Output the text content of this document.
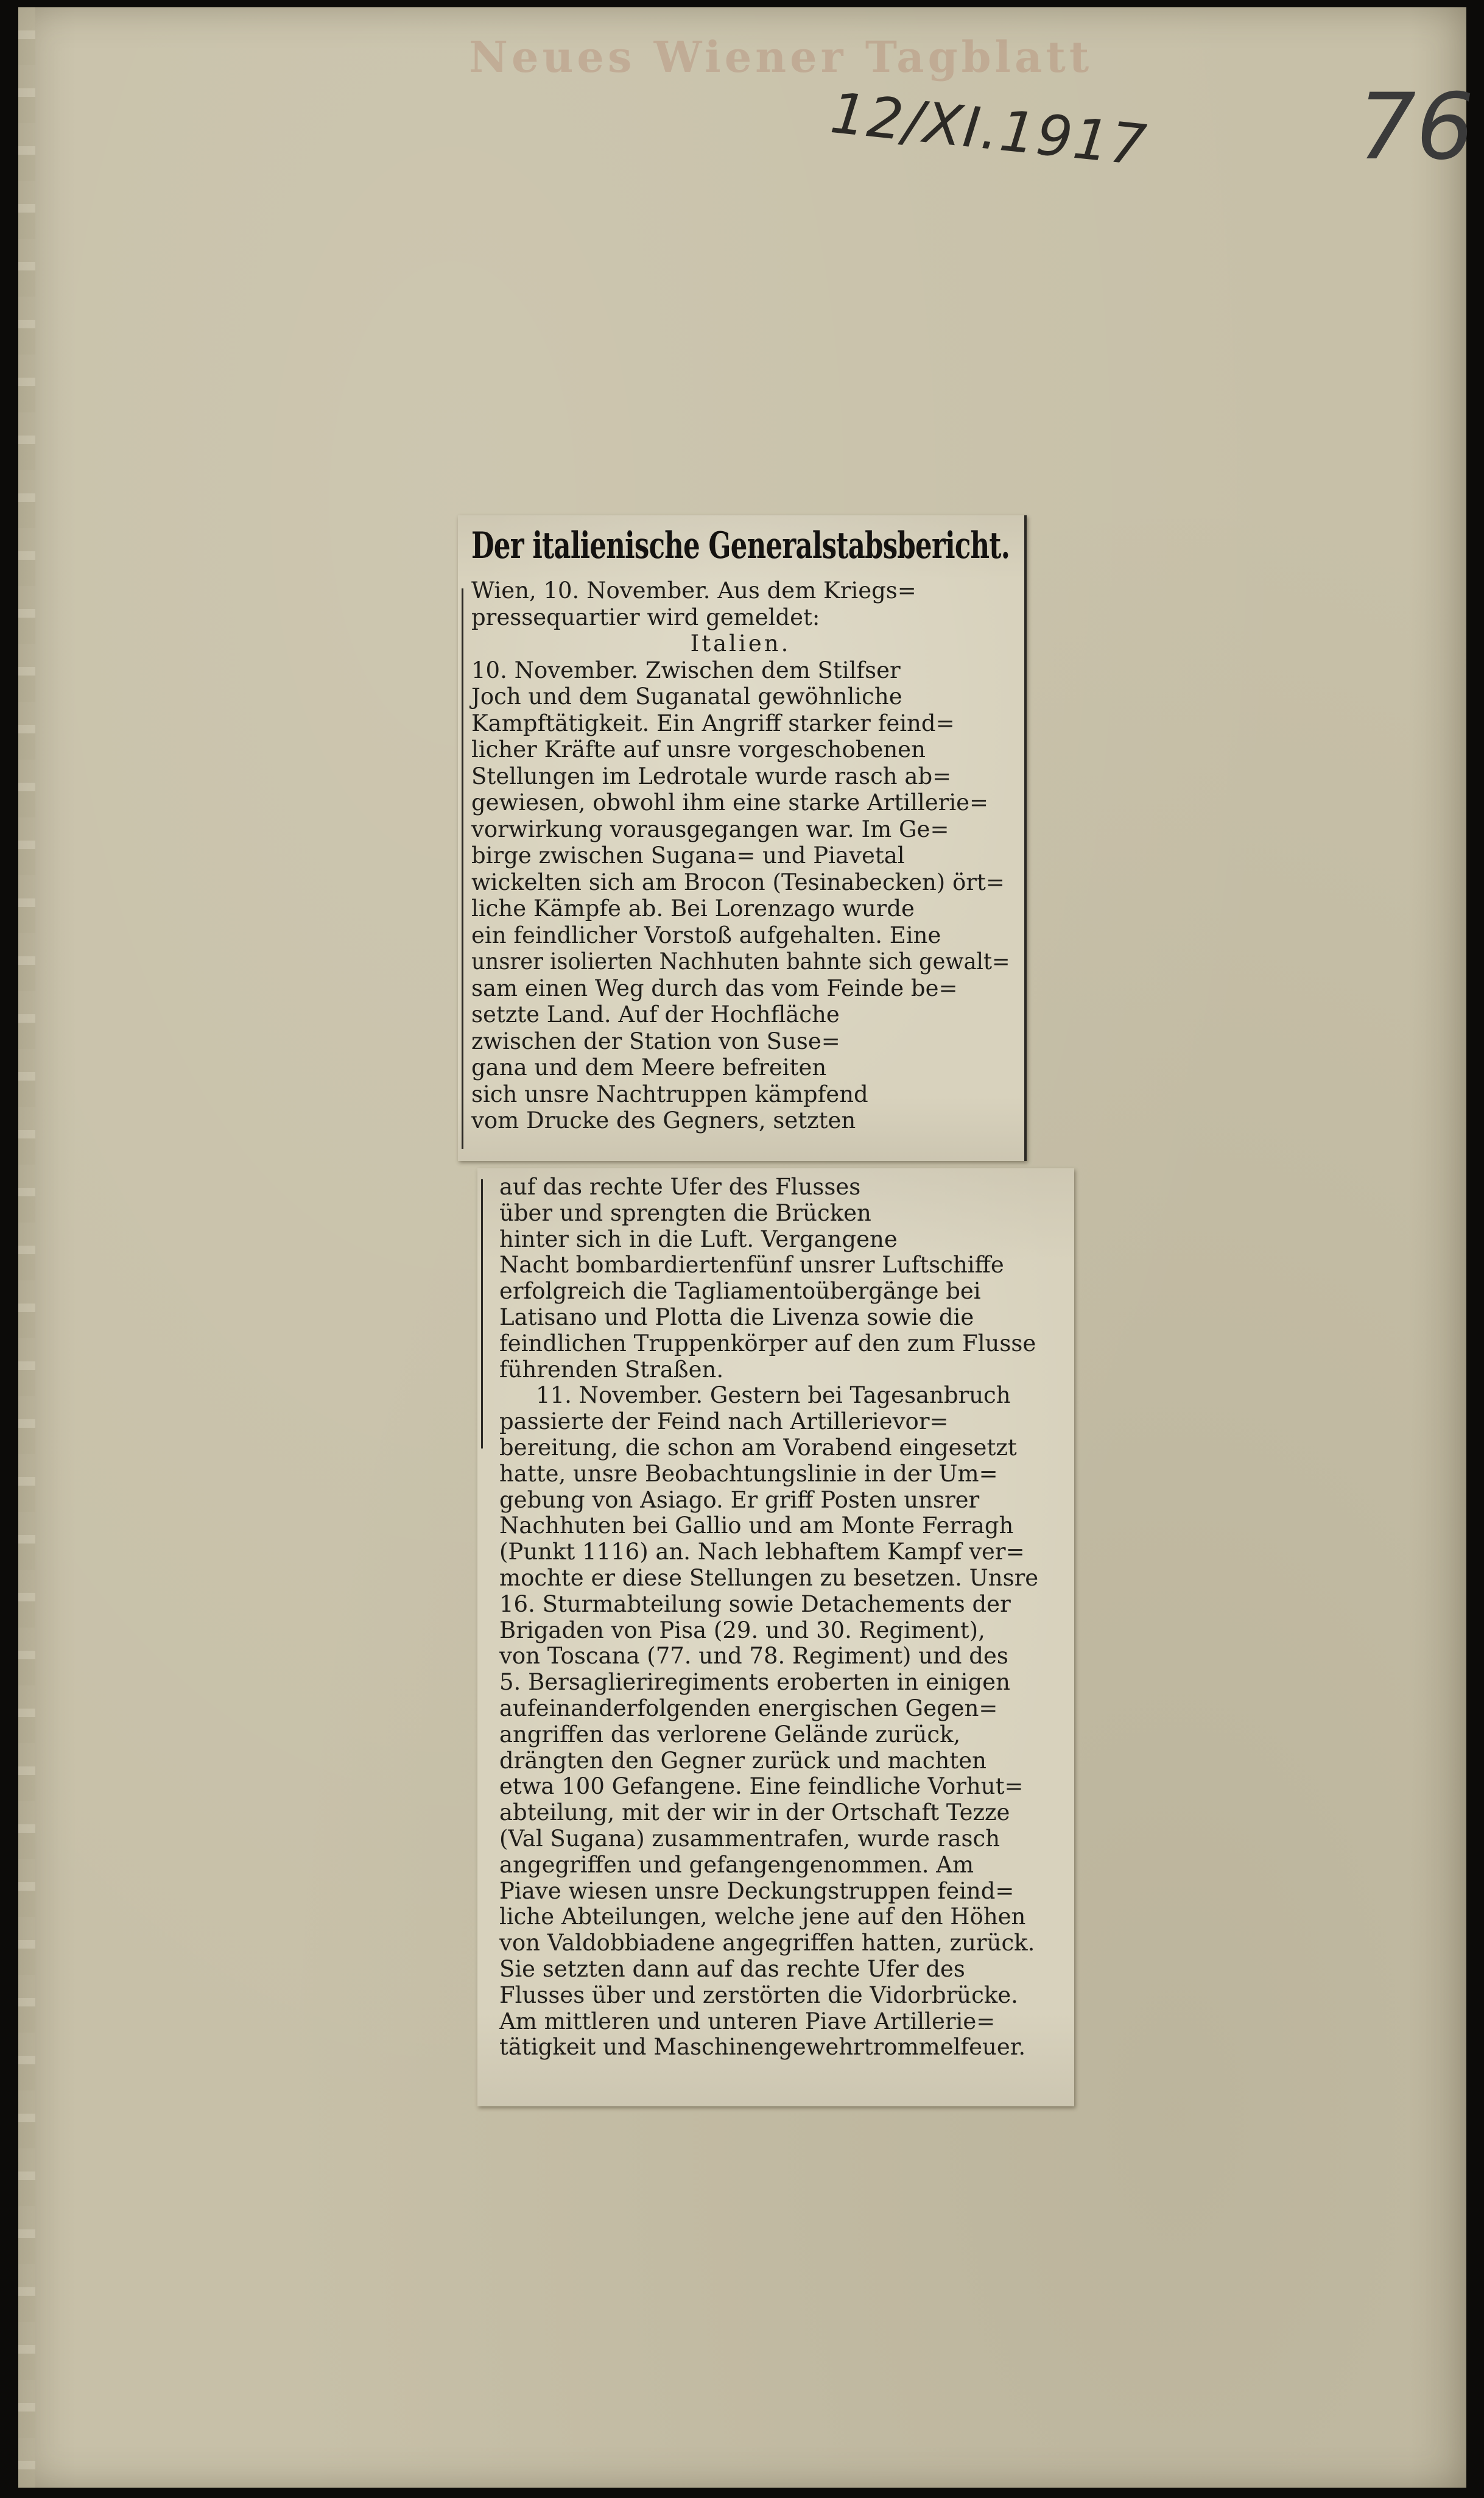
Neues Wiener Tagblatt
12/XI.1917 76
Der italienische Generalstabsbericht.
Wien, 10. November. Aus dem Kriegs=
pressequartier wird gemeldet:
Italien.
10. November. Zwischen dem Stilfser
Joch und dem Suganatal gewöhnliche
Kampftätigkeit. Ein Angriff starker feind=
licher Kräfte auf unsre vorgeschobenen
Stellungen im Ledrotale wurde rasch ab=
gewiesen, obwohl ihm eine starke Artillerie=
vorwirkung vorausgegangen war. Im Ge=
birge zwischen Sugana= und Piavetal
wickelten sich am Brocon (Tesinabecken) ört=
liche Kämpfe ab. Bei Lorenzago wurde
ein feindlicher Vorstoß aufgehalten. Eine
unsrer isolierten Nachhuten bahnte sich gewalt=
sam einen Weg durch das vom Feinde be=
setzte Land. Auf der Hochfläche
zwischen der Station von Suse=
gana und dem Meere befreiten
sich unsre Nachtruppen kämpfend
vom Drucke des Gegners, setzten
auf das rechte Ufer des Flusses
über und sprengten die Brücken
hinter sich in die Luft. Vergangene
Nacht bombardiertenfünf unsrer Luftschiffe
erfolgreich die Tagliamentoübergänge bei
Latisano und Plotta die Livenza sowie die
feindlichen Truppenkörper auf den zum Flusse
führenden Straßen.
11. November. Gestern bei Tagesanbruch
passierte der Feind nach Artillerievor=
bereitung, die schon am Vorabend eingesetzt
hatte, unsre Beobachtungslinie in der Um=
gebung von Asiago. Er griff Posten unsrer
Nachhuten bei Gallio und am Monte Ferragh
(Punkt 1116) an. Nach lebhaftem Kampf ver=
mochte er diese Stellungen zu besetzen. Unsre
16. Sturmabteilung sowie Detachements der
Brigaden von Pisa (29. und 30. Regiment),
von Toscana (77. und 78. Regiment) und des
5. Bersaglieriregiments eroberten in einigen
aufeinanderfolgenden energischen Gegen=
angriffen das verlorene Gelände zurück,
drängten den Gegner zurück und machten
etwa 100 Gefangene. Eine feindliche Vorhut=
abteilung, mit der wir in der Ortschaft Tezze
(Val Sugana) zusammentrafen, wurde rasch
angegriffen und gefangengenommen. Am
Piave wiesen unsre Deckungstruppen feind=
liche Abteilungen, welche jene auf den Höhen
von Valdobbiadene angegriffen hatten, zurück.
Sie setzten dann auf das rechte Ufer des
Flusses über und zerstörten die Vidorbrücke.
Am mittleren und unteren Piave Artillerie=
tätigkeit und Maschinengewehrtrommelfeuer.
